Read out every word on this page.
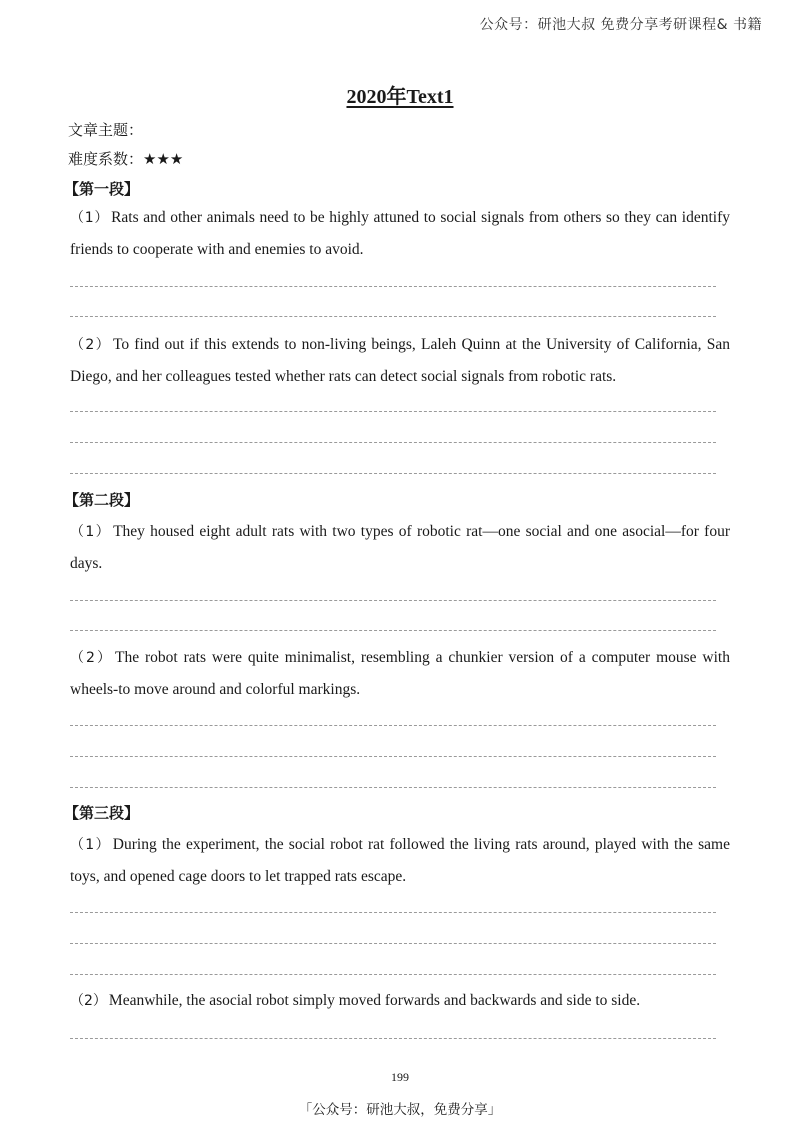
公众号：研池大叔 免费分享考研课程& 书籍
2020年Text1
文章主题：
难度系数：★★★
【第一段】
（1） Rats and other animals need to be highly attuned to social signals from others so they can identify friends to cooperate with and enemies to avoid.
（2） To find out if this extends to non-living beings, Laleh Quinn at the University of California, San Diego, and her colleagues tested whether rats can detect social signals from robotic rats.
【第二段】
（1） They housed eight adult rats with two types of robotic rat—one social and one asocial—for four days.
（2） The robot rats were quite minimalist, resembling a chunkier version of a computer mouse with wheels-to move around and colorful markings.
【第三段】
（1） During the experiment, the social robot rat followed the living rats around, played with the same toys, and opened cage doors to let trapped rats escape.
（2） Meanwhile, the asocial robot simply moved forwards and backwards and side to side.
199
「公众号：研池大叔，免费分享」
